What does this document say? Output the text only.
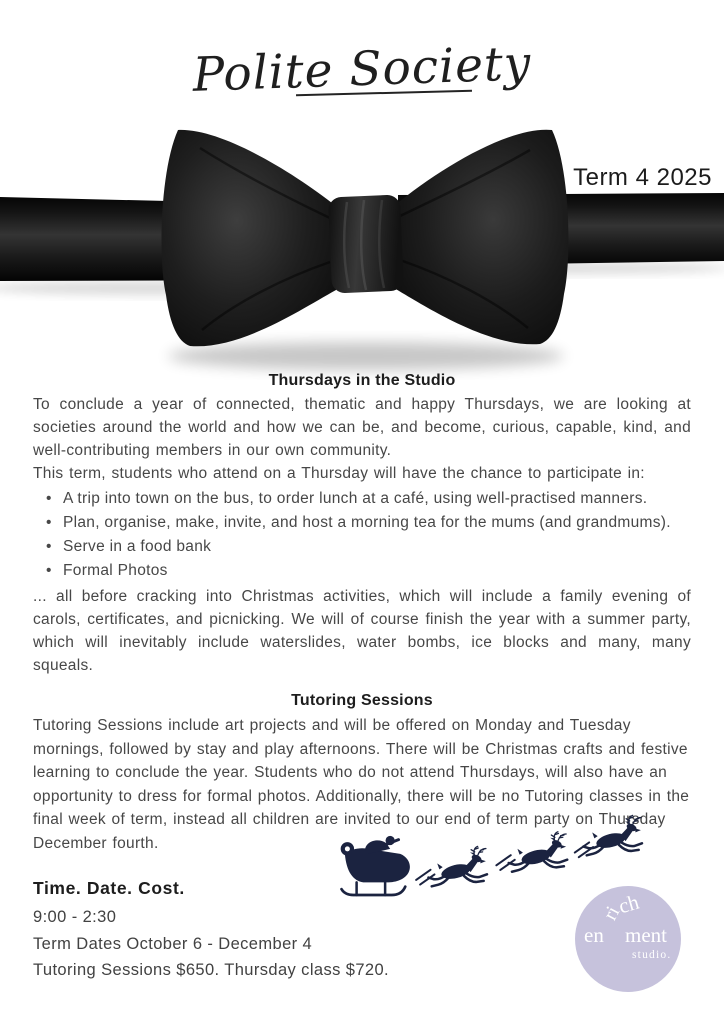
Polite Society
Term 4 2025
Thursdays in the Studio

To conclude a year of connected, thematic and happy Thursdays, we are looking at societies around the world and how we can be, and become, curious, capable, kind, and well-contributing members in our own community.

This term, students who attend on a Thursday will have the chance to participate in:

• A trip into town on the bus, to order lunch at a café, using well-practised manners.
• Plan, organise, make, invite, and host a morning tea for the mums (and grandmums).
• Serve in a food bank
• Formal Photos

... all before cracking into Christmas activities, which will include a family evening of carols, certificates, and picnicking. We will of course finish the year with a summer party, which will inevitably include waterslides, water bombs, ice blocks and many, many squeals.

Tutoring Sessions

Tutoring Sessions include art projects and will be offered on Monday and Tuesday mornings, followed by stay and play afternoons. There will be Christmas crafts and festive learning to conclude the year. Students who do not attend Thursdays, will also have an opportunity to dress for formal photos. Additionally, there will be no Tutoring classes in the final week of term, instead all children are invited to our end of term party on Thursday December fourth.

Time. Date. Cost.
9:00 - 2:30
Term Dates October 6 - December 4
Tutoring Sessions $650. Thursday class $720.
en
ri
ch
ment
studio.
